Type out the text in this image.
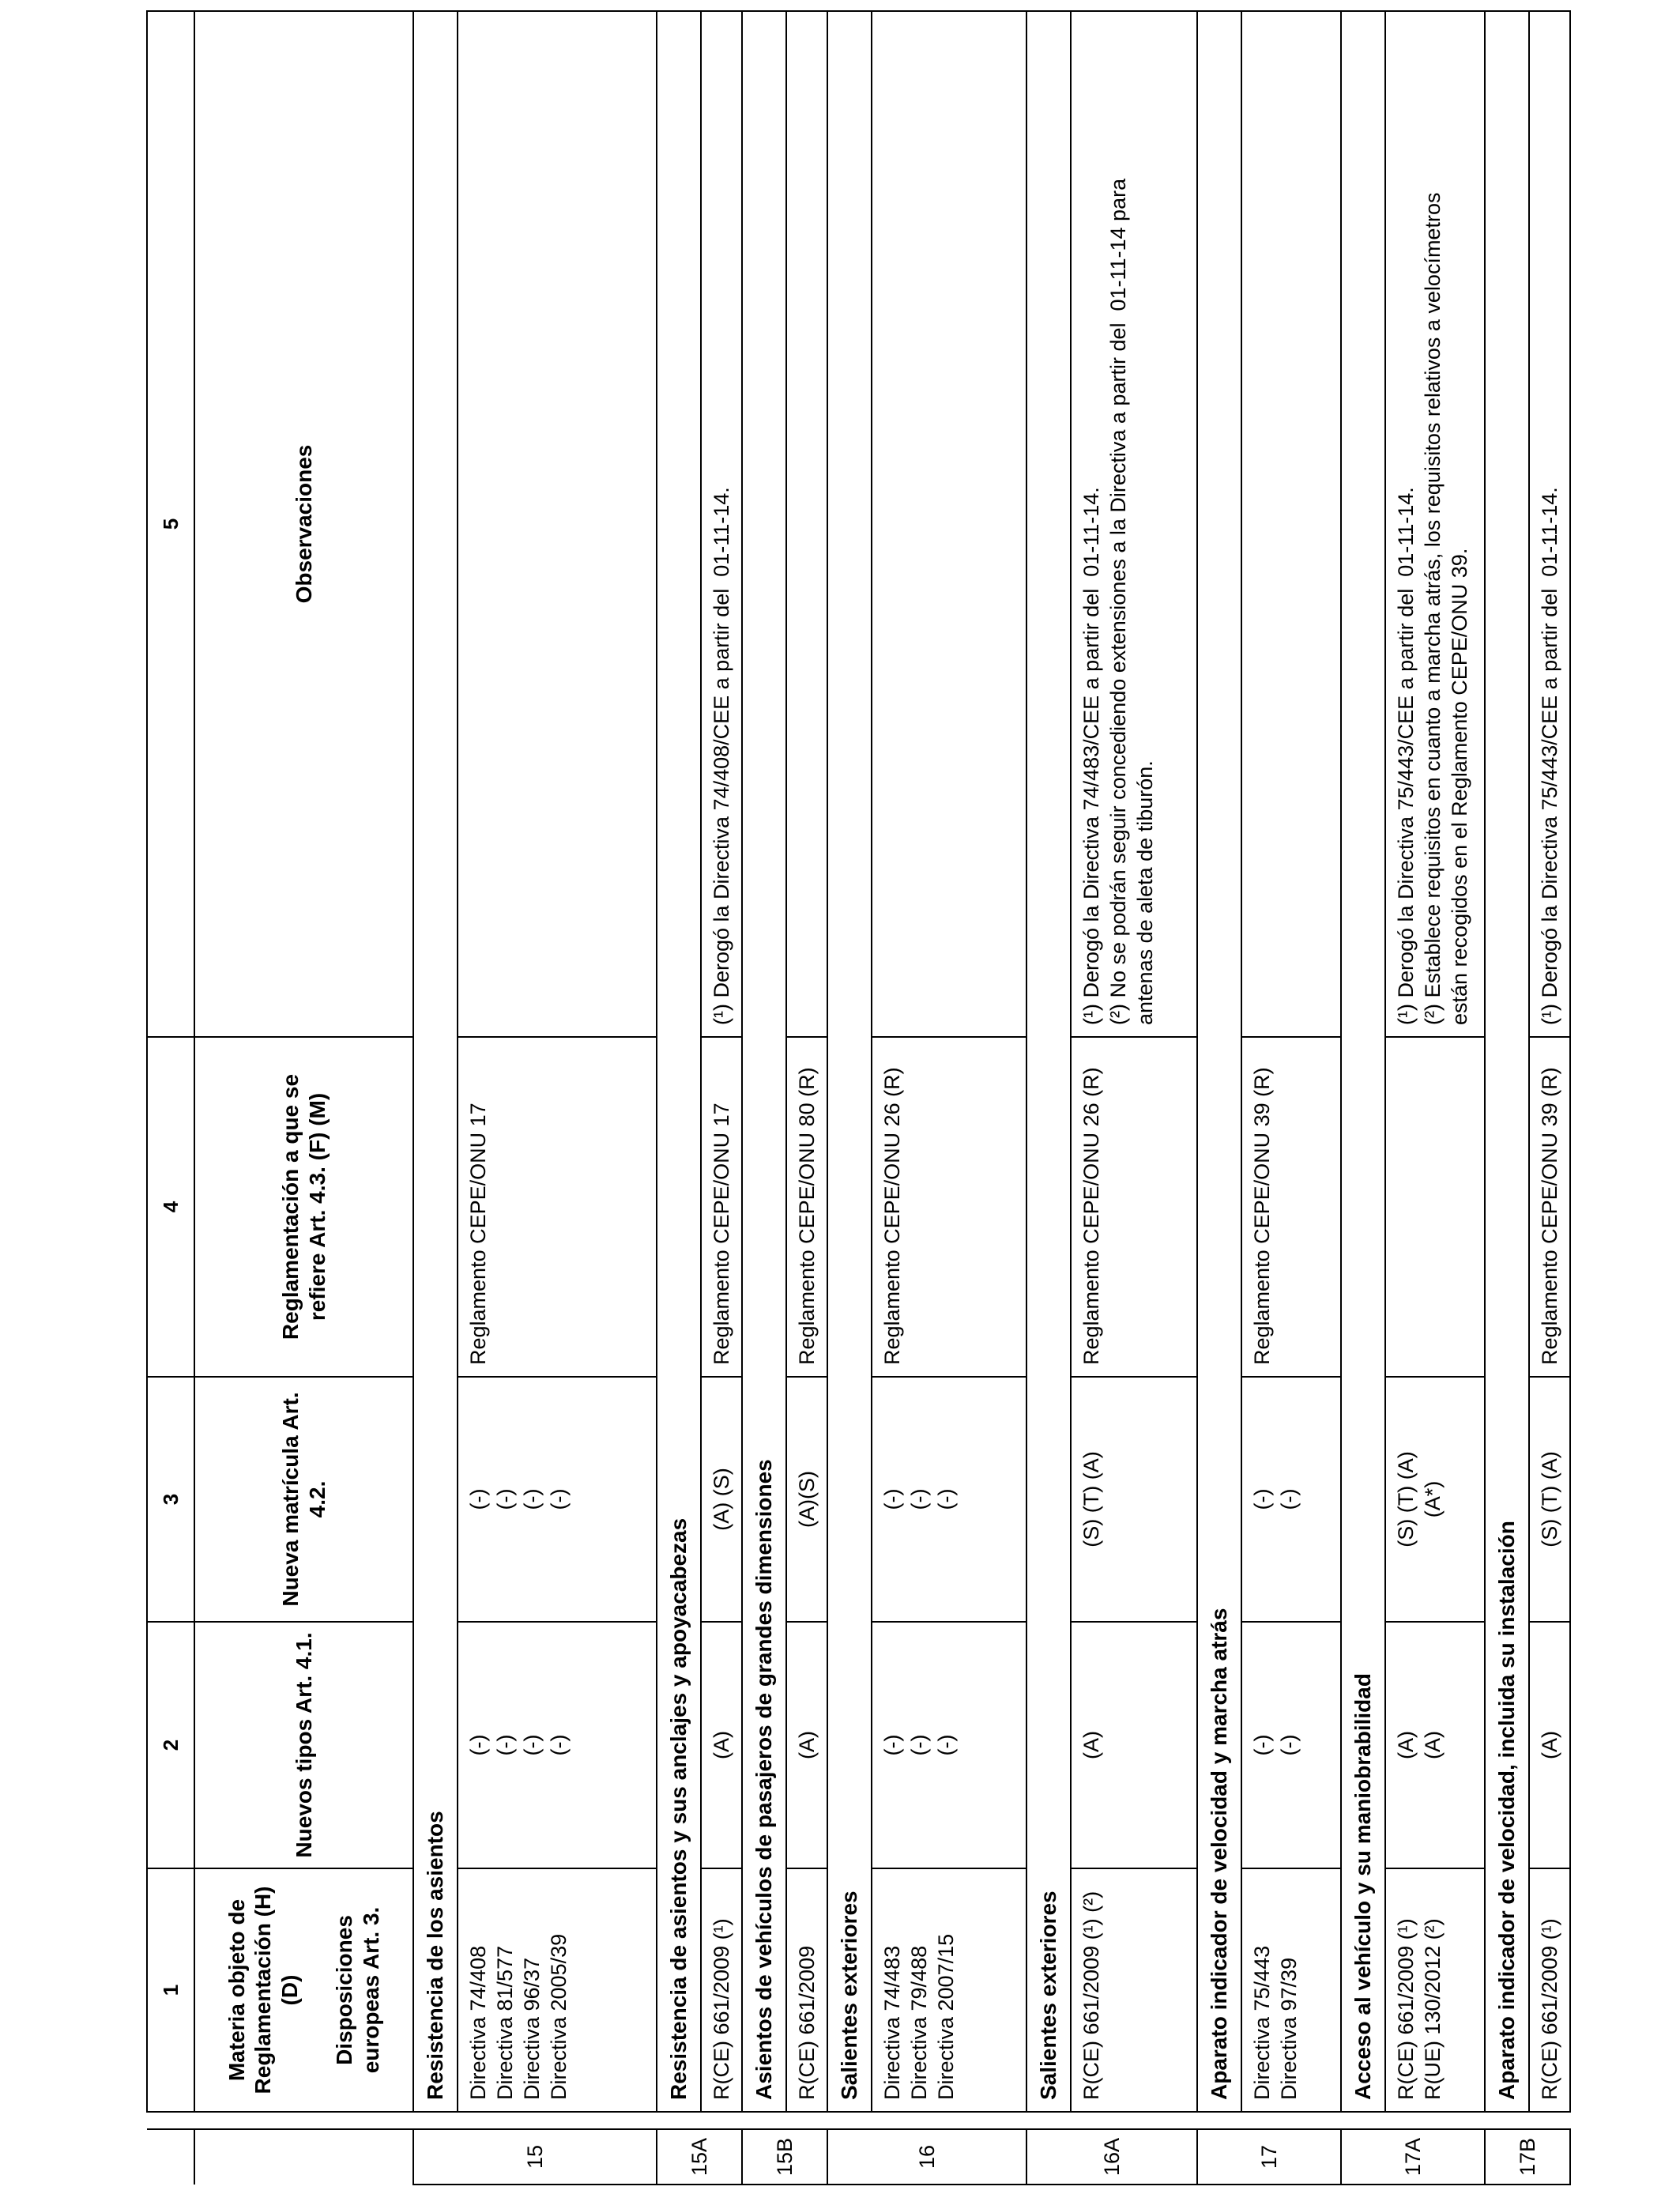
		1	2	3	4	5

		Materia objeto de Reglamentación (H) (D) Disposiciones europeas Art. 3.	Nuevos tipos Art. 4.1.	Nueva matrícula Art. 4.2.	Reglamentación a que se refiere Art. 4.3. (F) (M)	Observaciones
15		Resistencia de los asientos				

		Directiva 74/408 Directiva 81/577 Directiva 96/37 Directiva 2005/39	(-) (-) (-) (-)	(-) (-) (-) (-)	Reglamento CEPE/ONU 17	

15A		Resistencia de asientos y sus anclajes y apoyacabezas				

		R(CE) 661/2009 (¹)	(A)	(A) (S)	Reglamento CEPE/ONU 17	(¹) Derogó la Directiva 74/408/CEE a partir del  01-11-14.

15B		Asientos de vehículos de pasajeros de grandes dimensiones				

		R(CE) 661/2009	(A)	(A)(S)	Reglamento CEPE/ONU 80 (R)	

16		Salientes exteriores				

		Directiva 74/483 Directiva 79/488 Directiva 2007/15	(-) (-) (-)	(-) (-) (-)	Reglamento CEPE/ONU 26 (R)	

16A		Salientes exteriores				

		R(CE) 661/2009 (¹) (²)	(A)	(S) (T) (A)	Reglamento CEPE/ONU 26 (R)	(¹) Derogó la Directiva 74/483/CEE a partir del  01-11-14. (²) No se podrán seguir concediendo extensiones a la Directiva a partir del  01-11-14 para antenas de aleta de tiburón.

17		Aparato indicador de velocidad y marcha atrás				

		Directiva 75/443 Directiva 97/39	(-) (-)	(-) (-)	Reglamento CEPE/ONU 39 (R)	

17A		Acceso al vehículo y su maniobrabilidad				

		R(CE) 661/2009 (¹) R(UE) 130/2012 (²)	(A) (A)	(S) (T) (A) (A*)		(¹) Derogó la Directiva 75/443/CEE a partir del  01-11-14. (²) Establece requisitos en cuanto a marcha atrás, los requisitos relativos a velocímetros están recogidos en el Reglamento CEPE/ONU 39.

17B		Aparato indicador de velocidad, incluida su instalación				

		R(CE) 661/2009 (¹)	(A)	(S) (T) (A)	Reglamento CEPE/ONU 39 (R)	(¹) Derogó la Directiva 75/443/CEE a partir del  01-11-14.
